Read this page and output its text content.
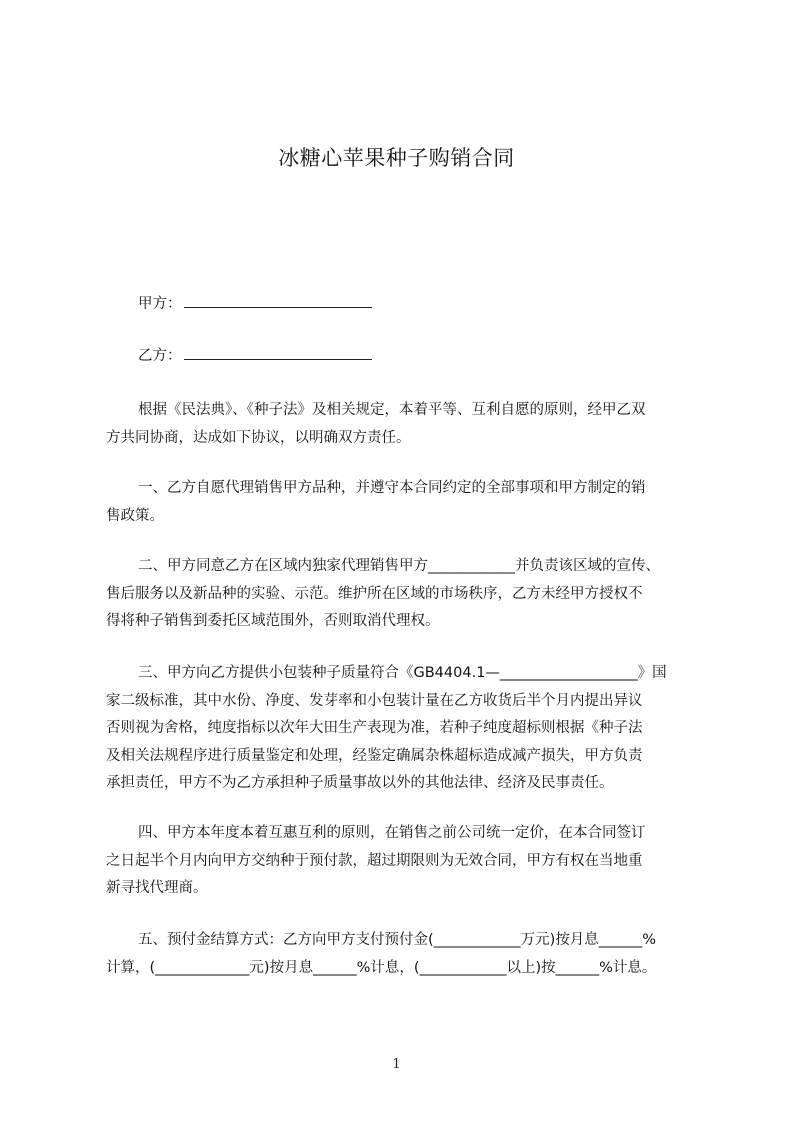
冰糖心苹果种子购销合同
甲方：
乙方：
根据《民法典》、《种子法》及相关规定，本着平等、互利自愿的原则，经甲乙双
方共同协商，达成如下协议，以明确双方责任。
一、乙方自愿代理销售甲方品种，并遵守本合同约定的全部事项和甲方制定的销
售政策。
二、甲方同意乙方在区域内独家代理销售甲方____________并负责该区域的宣传、
售后服务以及新品种的实验、示范。维护所在区域的市场秩序，乙方未经甲方授权不
得将种子销售到委托区域范围外，否则取消代理权。
三、甲方向乙方提供小包装种子质量符合《GB4404.1—___________________》国
家二级标准，其中水份、净度、发芽率和小包装计量在乙方收货后半个月内提出异议
否则视为舍格，纯度指标以次年大田生产表现为准，若种子纯度超标则根据《种子法
及相关法规程序进行质量鉴定和处理，经鉴定确属杂株超标造成减产损失，甲方负责
承担责任，甲方不为乙方承担种子质量事故以外的其他法律、经济及民事责任。
四、甲方本年度本着互惠互利的原则，在销售之前公司统一定价，在本合同签订
之日起半个月内向甲方交纳种于预付款，超过期限则为无效合同，甲方有权在当地重
新寻找代理商。
五、预付金结算方式：乙方向甲方支付预付金(____________万元)按月息______%
计算，(_____________元)按月息______%计息，(____________以上)按______%计息。
1
